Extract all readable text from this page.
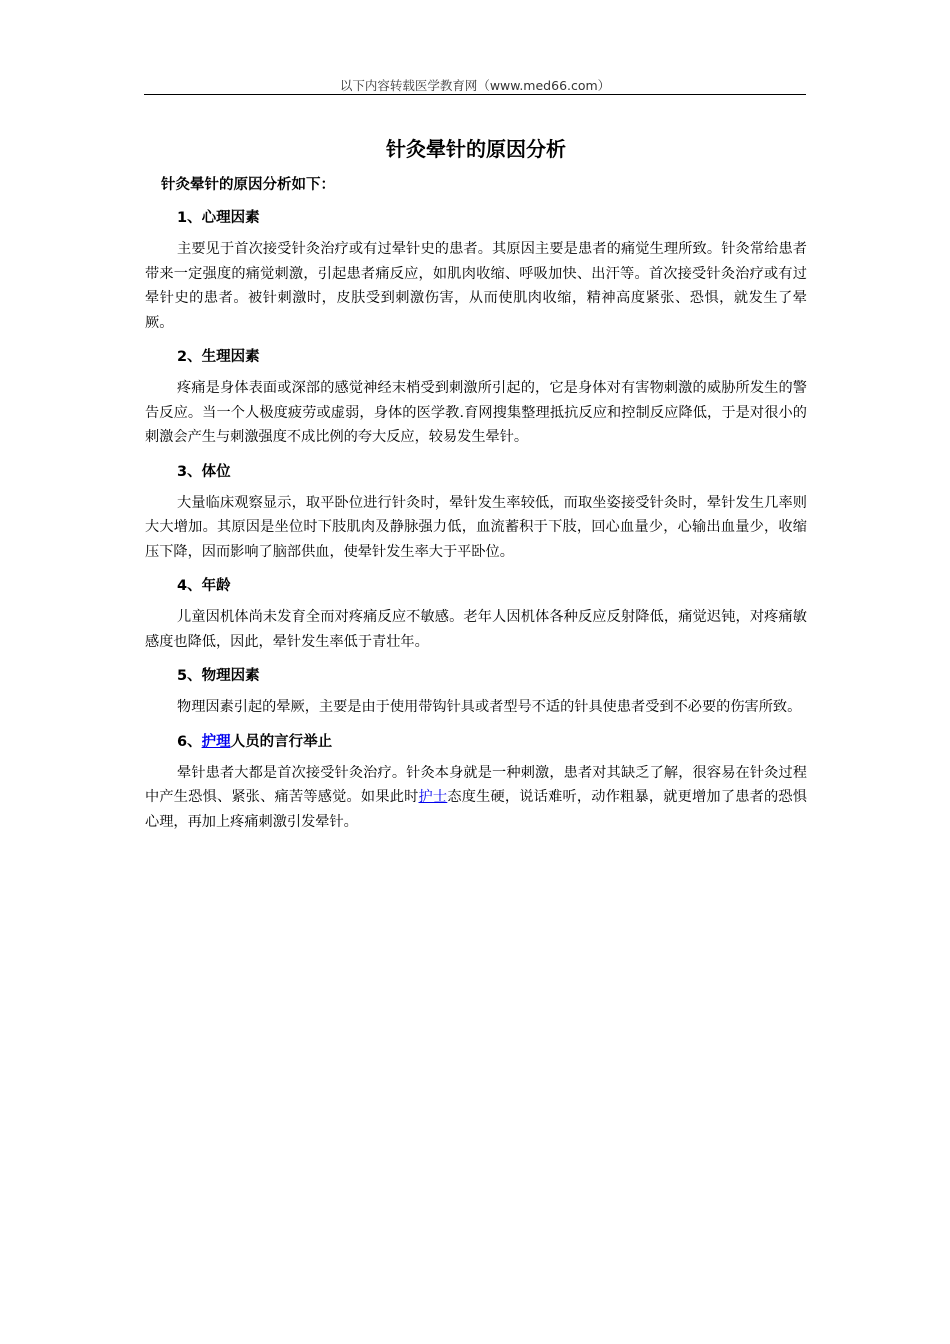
以下内容转载医学教育网（www.med66.com）
针灸晕针的原因分析

针灸晕针的原因分析如下：

1、心理因素

主要见于首次接受针灸治疗或有过晕针史的患者。其原因主要是患者的痛觉生理所致。针灸常给患者带来一定强度的痛觉刺激，引起患者痛反应，如肌肉收缩、呼吸加快、出汗等。首次接受针灸治疗或有过晕针史的患者。被针刺激时，皮肤受到刺激伤害，从而使肌肉收缩，精神高度紧张、恐惧，就发生了晕厥。

2、生理因素

疼痛是身体表面或深部的感觉神经末梢受到刺激所引起的，它是身体对有害物刺激的威胁所发生的警告反应。当一个人极度疲劳或虚弱，身体的医学教.育网搜集整理抵抗反应和控制反应降低，于是对很小的刺激会产生与刺激强度不成比例的夸大反应，较易发生晕针。

3、体位

大量临床观察显示，取平卧位进行针灸时，晕针发生率较低，而取坐姿接受针灸时，晕针发生几率则大大增加。其原因是坐位时下肢肌肉及静脉强力低，血流蓄积于下肢，回心血量少，心输出血量少，收缩压下降，因而影响了脑部供血，使晕针发生率大于平卧位。

4、年龄

儿童因机体尚未发育全而对疼痛反应不敏感。老年人因机体各种反应反射降低，痛觉迟钝，对疼痛敏感度也降低，因此，晕针发生率低于青壮年。

5、物理因素

物理因素引起的晕厥，主要是由于使用带钩针具或者型号不适的针具使患者受到不必要的伤害所致。

6、护理人员的言行举止

晕针患者大都是首次接受针灸治疗。针灸本身就是一种刺激，患者对其缺乏了解，很容易在针灸过程中产生恐惧、紧张、痛苦等感觉。如果此时护士态度生硬，说话难听，动作粗暴，就更增加了患者的恐惧心理，再加上疼痛刺激引发晕针。
